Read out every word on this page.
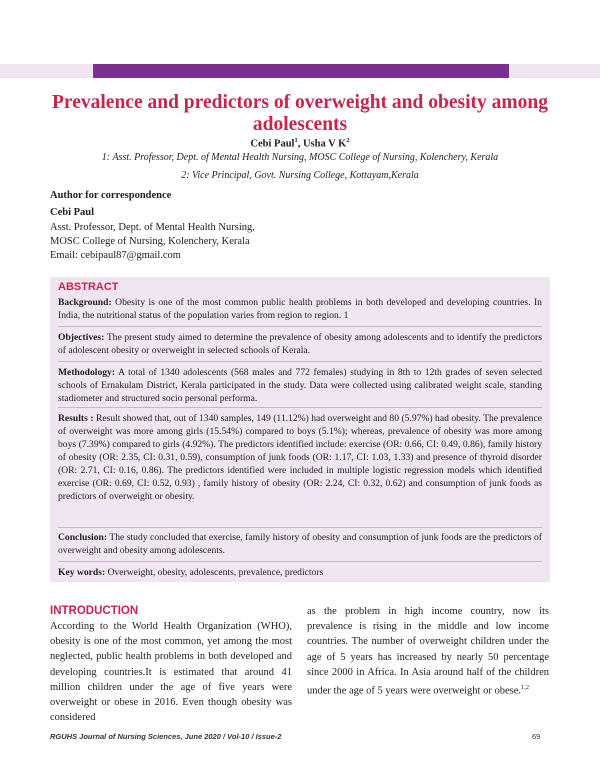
Prevalence and predictors of overweight and obesity among adolescents
Cebi Paul$^1$, Usha V $K^2$
1: Asst. Professor, Dept. of Mental Health Nursing, MOSC College of Nursing, Kolenchery, Kerala
2: Vice Principal, Govt. Nursing College, Kottayam,Kerala
Author for correspondence
Cebi Paul
Asst. Professor, Dept. of Mental Health Nursing,
MOSC College of Nursing, Kolenchery, Kerala
Email: cebipaul87@gmail.com
ABSTRACT
Background: Obesity is one of the most common public health problems in both developed and developing countries. In India, the nutritional status of the population varies from region to region. 1
Objectives: The present study aimed to determine the prevalence of obesity among adolescents and to identify the predictors of adolescent obesity or overweight in selected schools of Kerala.
Methodology: A total of 1340 adolescents (568 males and 772 females) studying in 8th to 12th grades of seven selected schools of Ernakulam District, Kerala participated in the study. Data were collected using calibrated weight scale, standing stadiometer and structured socio personal performa.
Results : Result showed that, out of 1340 samples, 149 (11.12%) had overweight and 80 (5.97%) had obesity. The prevalence of overweight was more among girls (15.54%) compared to boys (5.1%); whereas, prevalence of obesity was more among boys (7.39%) compared to girls (4.92%). The predictors identified include: exercise (OR: 0.66, CI: 0.49, 0.86), family history of obesity (OR: 2.35, CI: 0.31, 0.59), consumption of junk foods (OR: 1.17, CI: 1.03, 1.33) and presence of thyroid disorder (OR: 2.71, CI: 0.16, 0.86). The predictors identified were included in multiple logistic regression models which identified exercise (OR: 0.69, CI: 0.52, 0.93) , family history of obesity (OR: 2.24, CI: 0.32, 0.62) and consumption of junk foods as predictors of overweight or obesity.
Conclusion: The study concluded that exercise, family history of obesity and consumption of junk foods are the predictors of overweight and obesity among adolescents.
Key words: Overweight, obesity, adolescents, prevalence, predictors
INTRODUCTION
According to the World Health Organization (WHO), obesity is one of the most common, yet among the most neglected, public health problems in both developed and developing countries.It is estimated that around 41 million children under the age of five years were overweight or obese in 2016. Even though obesity was considered
as the problem in high income country, now its prevalence is rising in the middle and low income countries. The number of overweight children under the age of 5 years has increased by nearly 50 percentage since 2000 in Africa. In Asia around half of the children under the age of 5 years were overweight or obese.$^{1,2}$
RGUHS Journal of Nursing Sciences, June 2020 / Vol-10 / Issue-2	69
